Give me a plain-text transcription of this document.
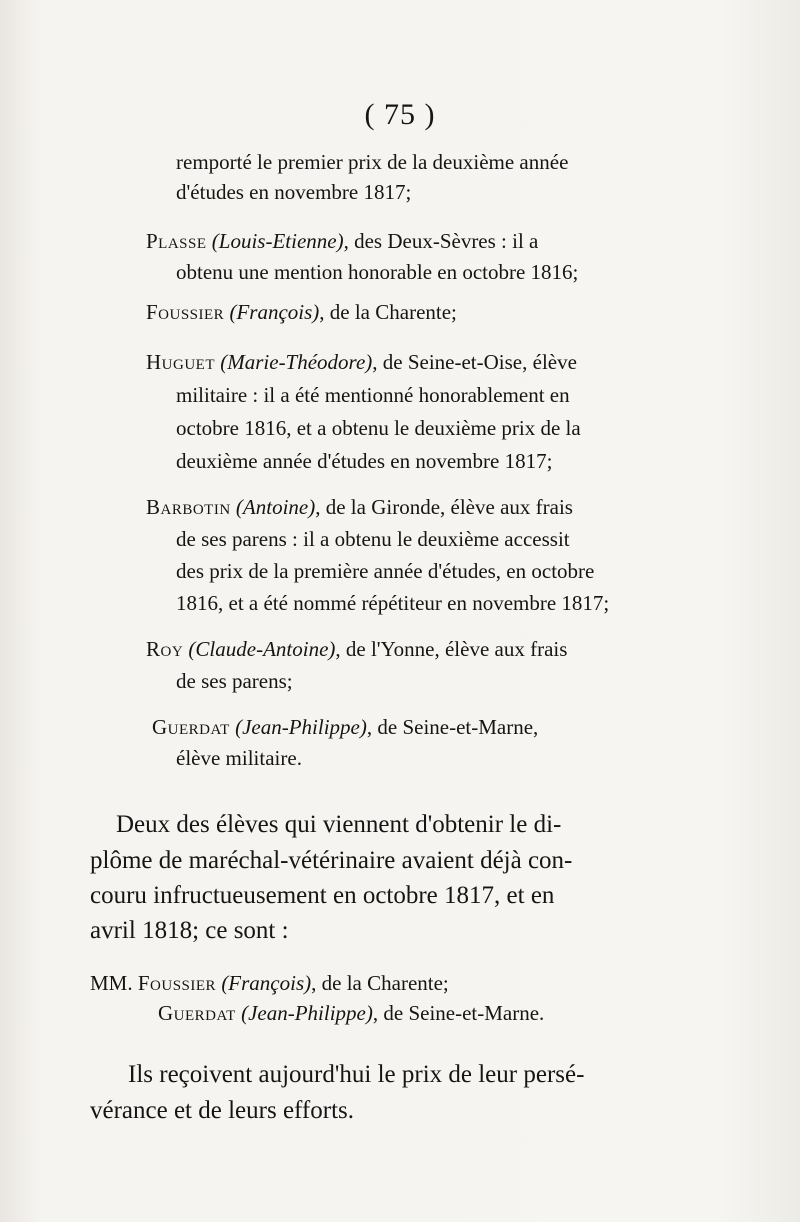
( 75 )
remporté le premier prix de la deuxième année
d'études en novembre 1817;
Plasse (Louis-Etienne), des Deux-Sèvres : il a
obtenu une mention honorable en octobre 1816;
Foussier (François), de la Charente;
Huguet (Marie-Théodore), de Seine-et-Oise, élève
militaire : il a été mentionné honorablement en
octobre 1816, et a obtenu le deuxième prix de la
deuxième année d'études en novembre 1817;
Barbotin (Antoine), de la Gironde, élève aux frais
de ses parens : il a obtenu le deuxième accessit
des prix de la première année d'études, en octobre
1816, et a été nommé répétiteur en novembre 1817;
Roy (Claude-Antoine), de l'Yonne, élève aux frais
de ses parens;
Guerdat (Jean-Philippe), de Seine-et-Marne,
élève militaire.
Deux des élèves qui viennent d'obtenir le di-
plôme de maréchal-vétérinaire avaient déjà con-
couru infructueusement en octobre 1817, et en
avril 1818; ce sont :
MM. Foussier (François), de la Charente;
Guerdat (Jean-Philippe), de Seine-et-Marne.
Ils reçoivent aujourd'hui le prix de leur persé-
vérance et de leurs efforts.
